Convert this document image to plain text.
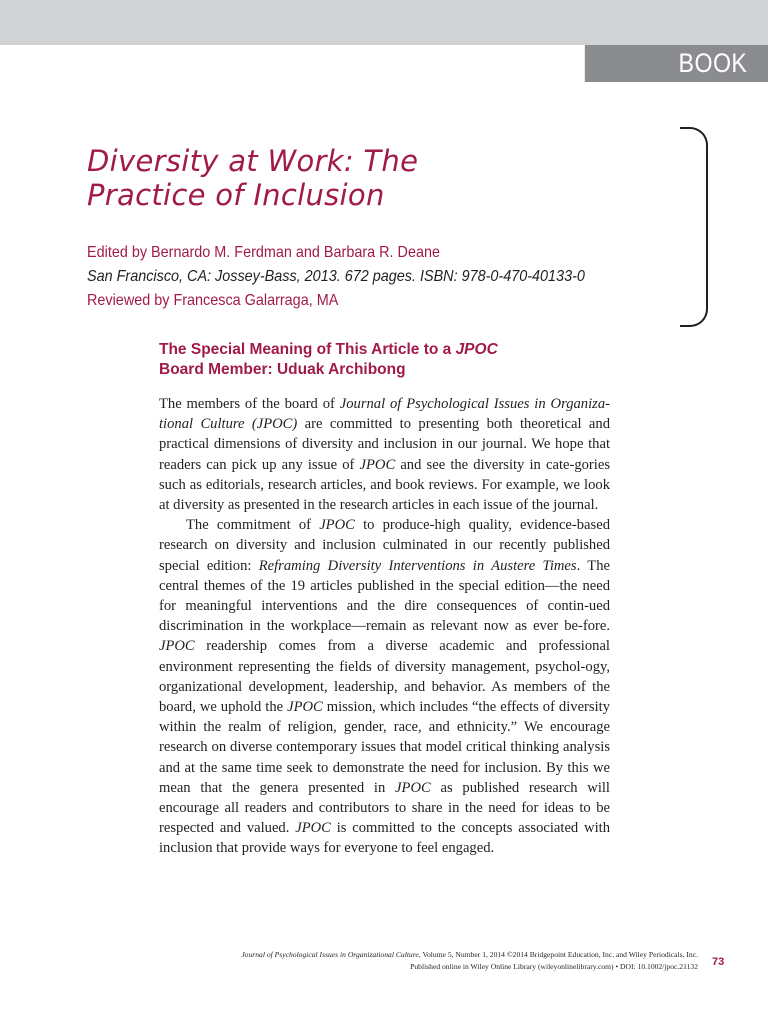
BOOK REVIEW
Diversity at Work: The
Practice of Inclusion
Edited by Bernardo M. Ferdman and Barbara R. Deane
San Francisco, CA: Jossey-Bass, 2013. 672 pages. ISBN: 978-0-470-40133-0
Reviewed by Francesca Galarraga, MA
The Special Meaning of This Article to a JPOC
Board Member: Uduak Archibong

The members of the board of Journal of Psychological Issues in Organiza-tional Culture (JPOC) are committed to presenting both theoretical and practical dimensions of diversity and inclusion in our journal. We hope that readers can pick up any issue of JPOC and see the diversity in cate-gories such as editorials, research articles, and book reviews. For example, we look at diversity as presented in the research articles in each issue of the journal.

The commitment of JPOC to produce-high quality, evidence-based research on diversity and inclusion culminated in our recently published special edition: Reframing Diversity Interventions in Austere Times. The central themes of the 19 articles published in the special edition—the need for meaningful interventions and the dire consequences of contin-ued discrimination in the workplace—remain as relevant now as ever be-fore. JPOC readership comes from a diverse academic and professional environment representing the fields of diversity management, psychol-ogy, organizational development, leadership, and behavior. As members of the board, we uphold the JPOC mission, which includes “the effects of diversity within the realm of religion, gender, race, and ethnicity.” We encourage research on diverse contemporary issues that model critical thinking analysis and at the same time seek to demonstrate the need for inclusion. By this we mean that the genera presented in JPOC as published research will encourage all readers and contributors to share in the need for ideas to be respected and valued. JPOC is committed to the concepts associated with inclusion that provide ways for everyone to feel engaged.

Journal of Psychological Issues in Organizational Culture, Volume 5, Number 1, 2014 ©2014 Bridgepoint Education, Inc. and Wiley Periodicals, Inc.
Published online in Wiley Online Library (wileyonlinelibrary.com) • DOI: 10.1002/jpoc.21132 73
